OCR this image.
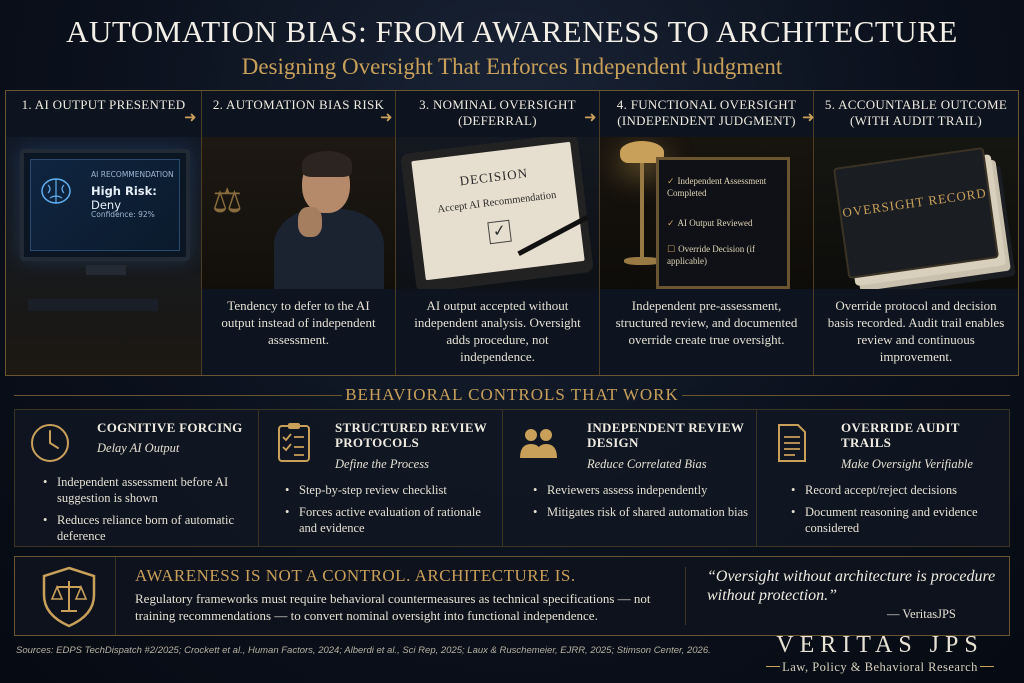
AUTOMATION BIAS: FROM AWARENESS TO ARCHITECTURE
Designing Oversight That Enforces Independent Judgment
1. AI OUTPUT PRESENTED
AI RECOMMENDATION
High Risk: Deny
Confidence: 92%
➜
2. AUTOMATION BIAS RISK
⚖
Tendency to defer to the AI output instead of independent assessment.
➜
3. NOMINAL OVERSIGHT (DEFERRAL)
DECISION
Accept AI Recommendation
✓
AI output accepted without independent analysis. Oversight adds procedure, not independence.
➜
4. FUNCTIONAL OVERSIGHT (INDEPENDENT JUDGMENT)
✓ Independent Assessment Completed
✓ AI Output Reviewed
☐ Override Decision (if applicable)
Independent pre-assessment, structured review, and documented override create true oversight.
➜
5. ACCOUNTABLE OUTCOME (WITH AUDIT TRAIL)
OVERSIGHT RECORD
Override protocol and decision basis recorded. Audit trail enables review and continuous improvement.
BEHAVIORAL CONTROLS THAT WORK
COGNITIVE FORCING
Delay AI Output
• Independent assessment before AI suggestion is shown
• Reduces reliance born of automatic deference
STRUCTURED REVIEW PROTOCOLS
Define the Process
• Step-by-step review checklist
• Forces active evaluation of rationale and evidence
INDEPENDENT REVIEW DESIGN
Reduce Correlated Bias
• Reviewers assess independently
• Mitigates risk of shared automation bias
OVERRIDE AUDIT TRAILS
Make Oversight Verifiable
• Record accept/reject decisions
• Document reasoning and evidence considered
AWARENESS IS NOT A CONTROL. ARCHITECTURE IS.
Regulatory frameworks must require behavioral countermeasures as technical specifications — not training recommendations — to convert nominal oversight into functional independence.
“Oversight without architecture is procedure without protection.”
— VeritasJPS
Sources: EDPS TechDispatch #2/2025; Crockett et al., Human Factors, 2024; Alberdi et al., Sci Rep, 2025; Laux & Ruschemeier, EJRR, 2025; Stimson Center, 2026.	VERITAS JPS
Law, Policy & Behavioral Research
